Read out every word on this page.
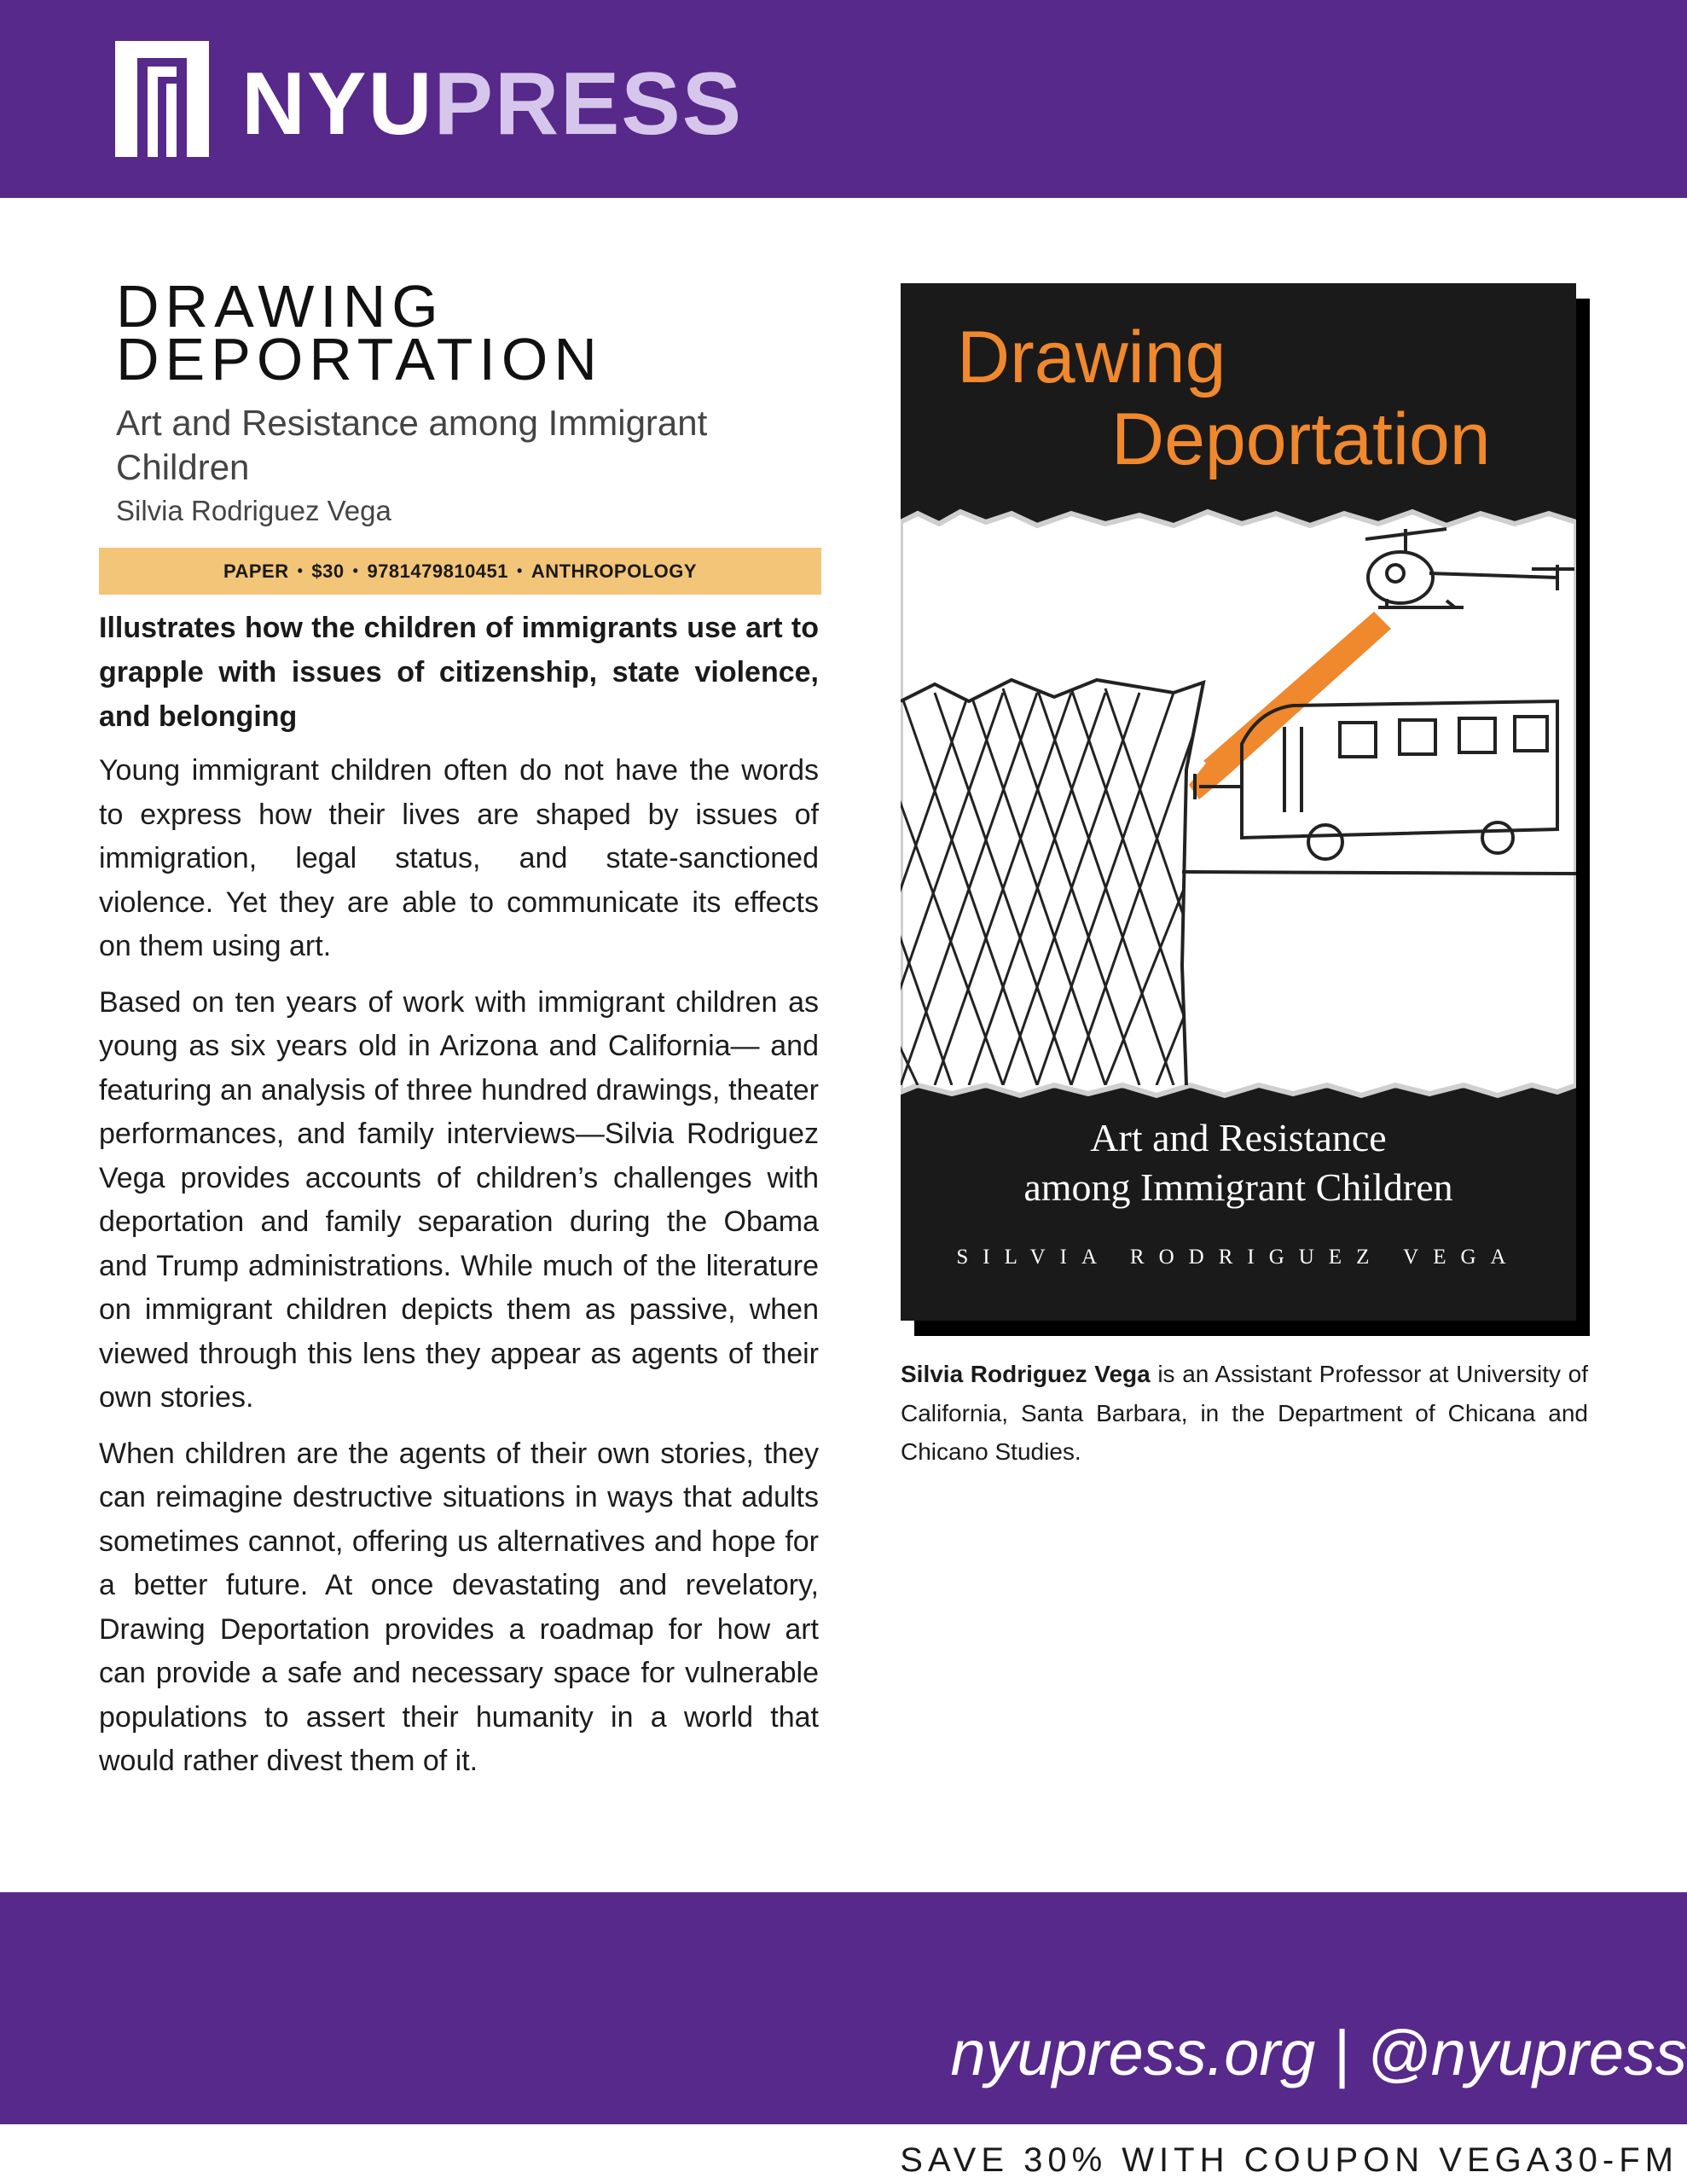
NYUPRESS
DRAWING DEPORTATION
Art and Resistance among Immigrant Children
Silvia Rodriguez Vega
PAPER • $30 • 9781479810451 • ANTHROPOLOGY

Illustrates how the children of immigrants use art to grapple with issues of citizenship, state violence, and belonging

Young immigrant children often do not have the words to express how their lives are shaped by issues of immigration, legal status, and state-sanctioned violence. Yet they are able to communicate its effects on them using art.

Based on ten years of work with immigrant children as young as six years old in Arizona and California— and featuring an analysis of three hundred drawings, theater performances, and family interviews—Silvia Rodriguez Vega provides accounts of children’s challenges with deportation and family separation during the Obama and Trump administrations. While much of the literature on immigrant children depicts them as passive, when viewed through this lens they appear as agents of their own stories.

When children are the agents of their own stories, they can reimagine destructive situations in ways that adults sometimes cannot, offering us alternatives and hope for a better future. At once devastating and revelatory, Drawing Deportation provides a roadmap for how art can provide a safe and necessary space for vulnerable populations to assert their humanity in a world that would rather divest them of it.

Drawing
Deportation
Art and Resistance
among Immigrant Children
SILVIA RODRIGUEZ VEGA

Silvia Rodriguez Vega is an Assistant Professor at University of California, Santa Barbara, in the Department of Chicana and Chicano Studies.

nyupress.org | @nyupress
SAVE 30% WITH COUPON VEGA30-FM
